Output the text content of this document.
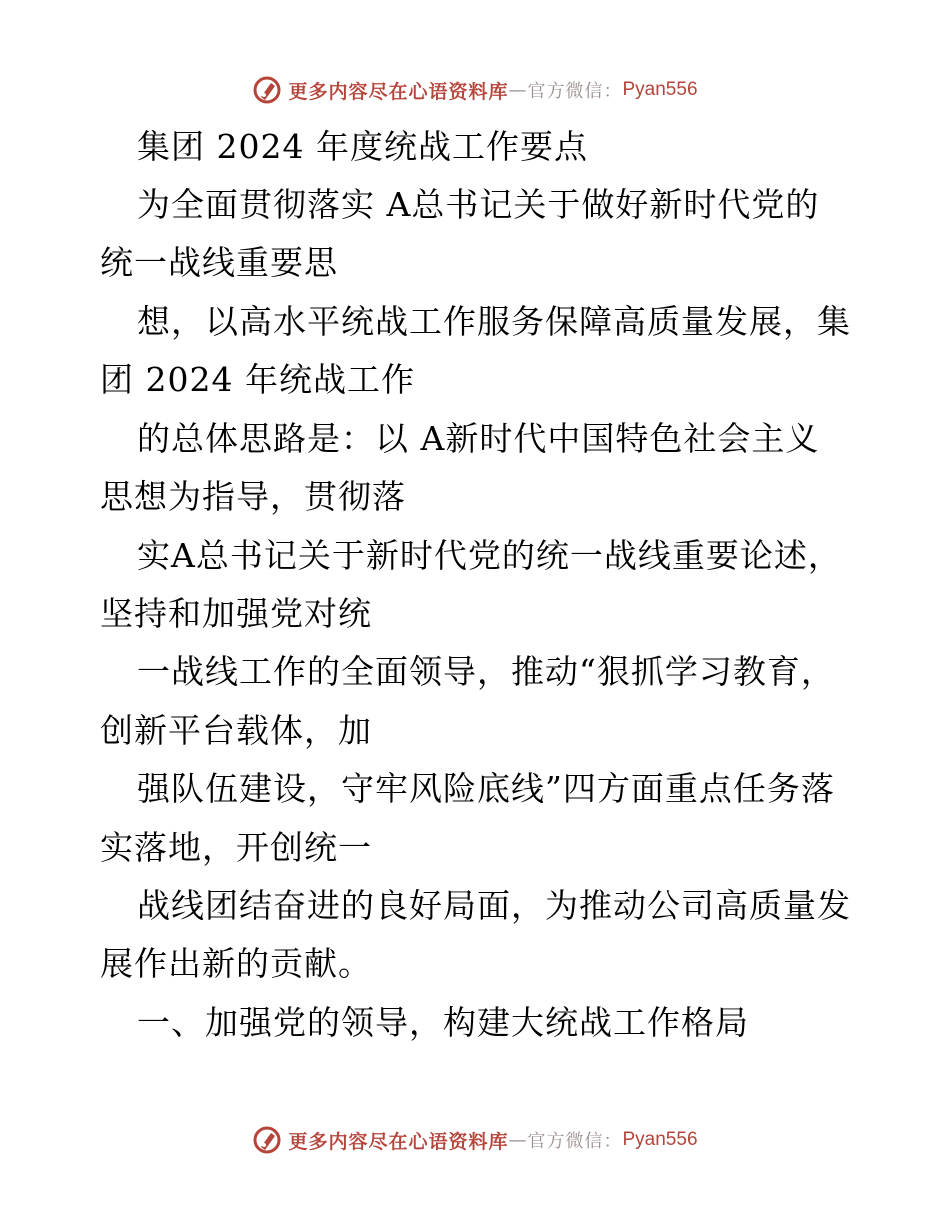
更多内容尽在心语资料库 — 官方微信： Pyan556
集团 2024 年度统战工作要点
为全面贯彻落实 A总书记关于做好新时代党的
统一战线重要思
想，以高水平统战工作服务保障高质量发展，集
团 2024 年统战工作
的总体思路是：以 A新时代中国特色社会主义
思想为指导，贯彻落
实A总书记关于新时代党的统一战线重要论述，
坚持和加强党对统
一战线工作的全面领导，推动“狠抓学习教育，
创新平台载体，加
强队伍建设，守牢风险底线”四方面重点任务落
实落地，开创统一
战线团结奋进的良好局面，为推动公司高质量发
展作出新的贡献。
一、加强党的领导，构建大统战工作格局
更多内容尽在心语资料库 — 官方微信： Pyan556
